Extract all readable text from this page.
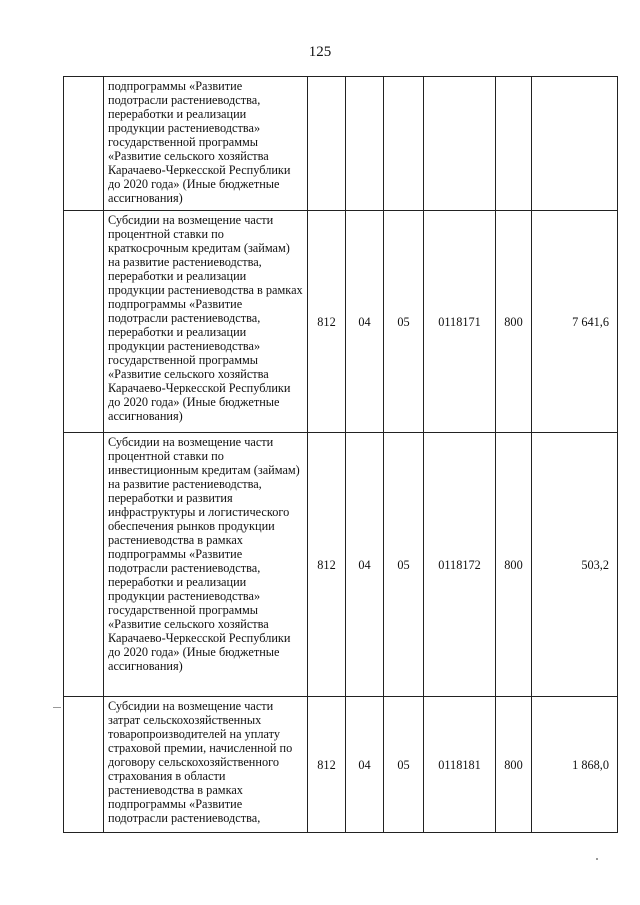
125
	подпрограммы «Развитие подотрасли растениеводства, переработки и реализации продукции растениеводства» государственной программы «Развитие сельского хозяйства Карачаево-Черкесской Республики до 2020 года» (Иные бюджетные ассигнования)						
	Субсидии на возмещение части процентной ставки по краткосрочным кредитам (займам) на развитие растениеводства, переработки и реализации продукции растениеводства в рамках подпрограммы «Развитие подотрасли растениеводства, переработки и реализации продукции растениеводства» государственной программы «Развитие сельского хозяйства Карачаево-Черкесской Республики до 2020 года» (Иные бюджетные ассигнования)	812	04	05	0118171	800	7 641,6
	Субсидии на возмещение части процентной ставки по инвестиционным кредитам (займам) на развитие растениеводства, переработки и развития инфраструктуры и логистического обеспечения рынков продукции растениеводства в рамках подпрограммы «Развитие подотрасли растениеводства, переработки и реализации продукции растениеводства» государственной программы «Развитие сельского хозяйства Карачаево-Черкесской Республики до 2020 года» (Иные бюджетные ассигнования)	812	04	05	0118172	800	503,2
	Субсидии на возмещение части затрат сельскохозяйственных товаропроизводителей на уплату страховой премии, начисленной по договору сельскохозяйственного страхования в области растениеводства в рамках подпрограммы «Развитие подотрасли растениеводства,	812	04	05	0118181	800	1 868,0
